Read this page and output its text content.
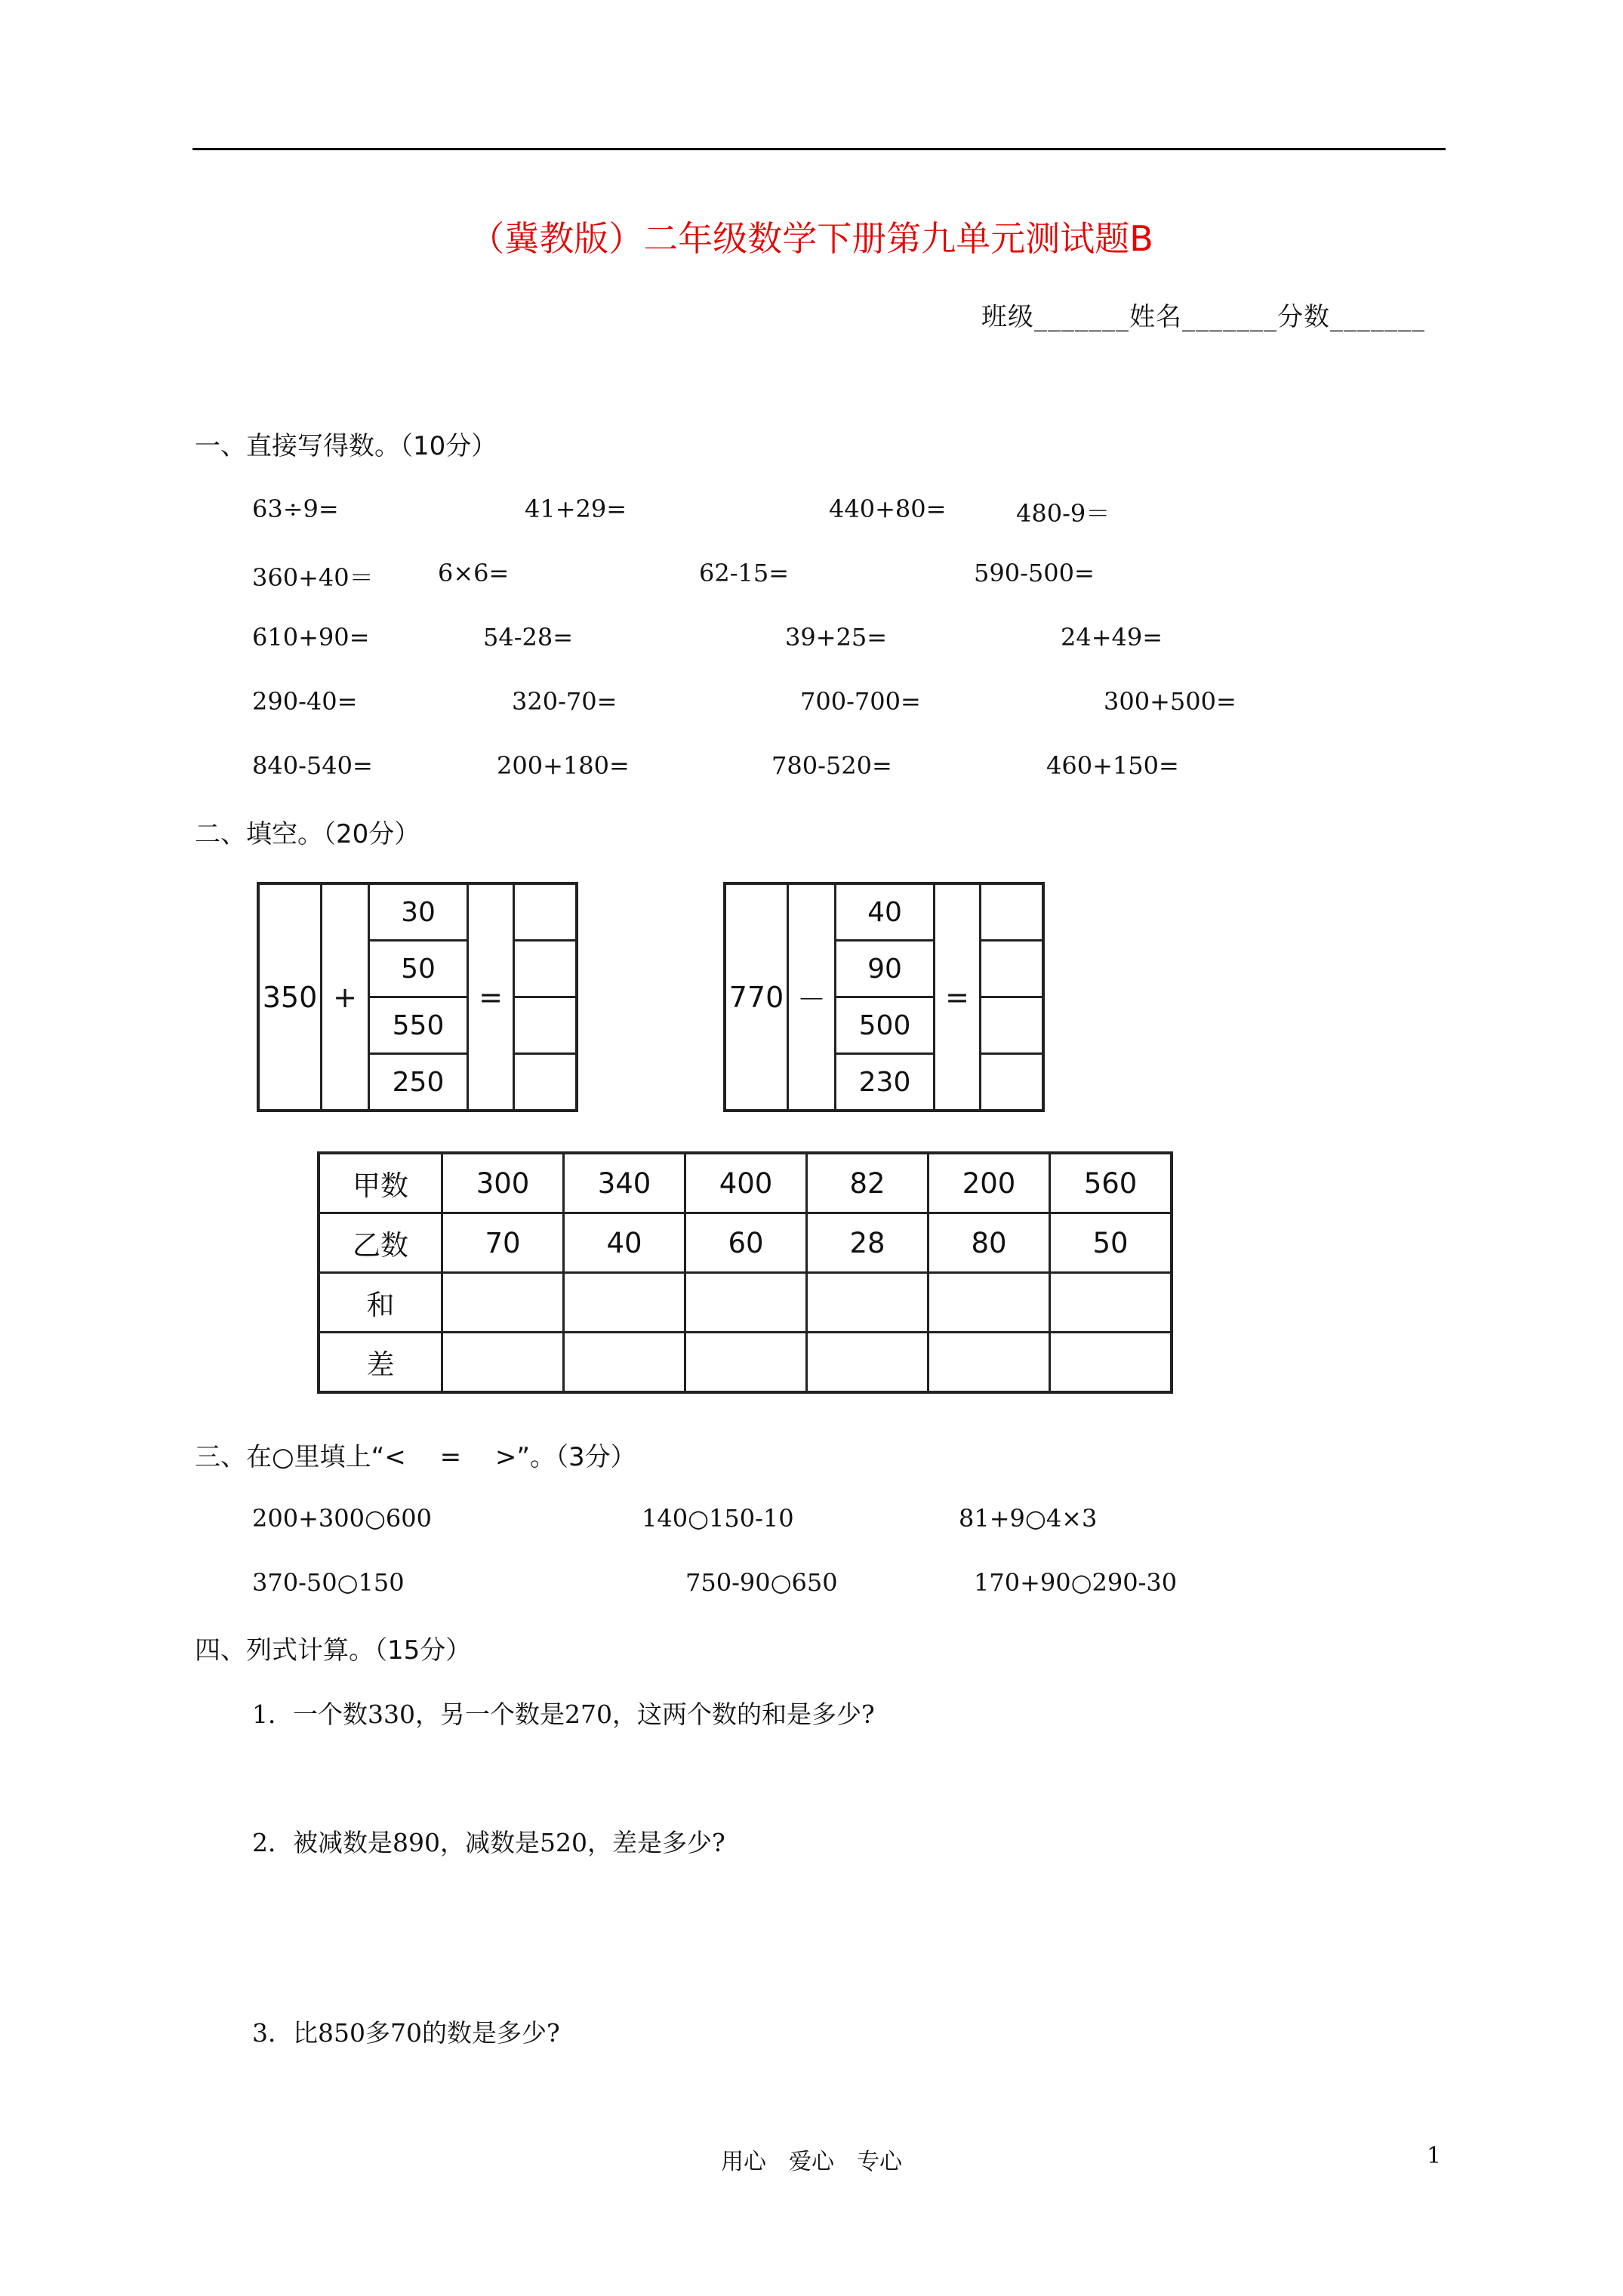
（冀教版）二年级数学下册第九单元测试题B
班级_______姓名_______分数_______
一、直接写得数。（10分）
63÷9=	41+29=	440+80=	480-9＝
360+40＝	6×6=	62-15=	590-500=
610+90=	54-28=	39+25=	24+49=
290-40=	320-70=	700-700=	300+500=
840-540=	200+180=	780-520=	460+150=
二、填空。（20分）
350	+	30	=	
		50		
		550		
		250		
770	－	40	=	
		90		
		500		
		230		
甲数	300	340	400	82	200	560
乙数	70	40	60	28	80	50
和						
差						
三、在○里填上“<　 =　 >”。（3分）
200+300○600	140○150-10	81+9○4×3
370-50○150	750-90○650	170+90○290-30
四、列式计算。（15分）
1．一个数330，另一个数是270，这两个数的和是多少?
2．被减数是890，减数是520，差是多少?
3．比850多70的数是多少?
用心　爱心　专心	1
